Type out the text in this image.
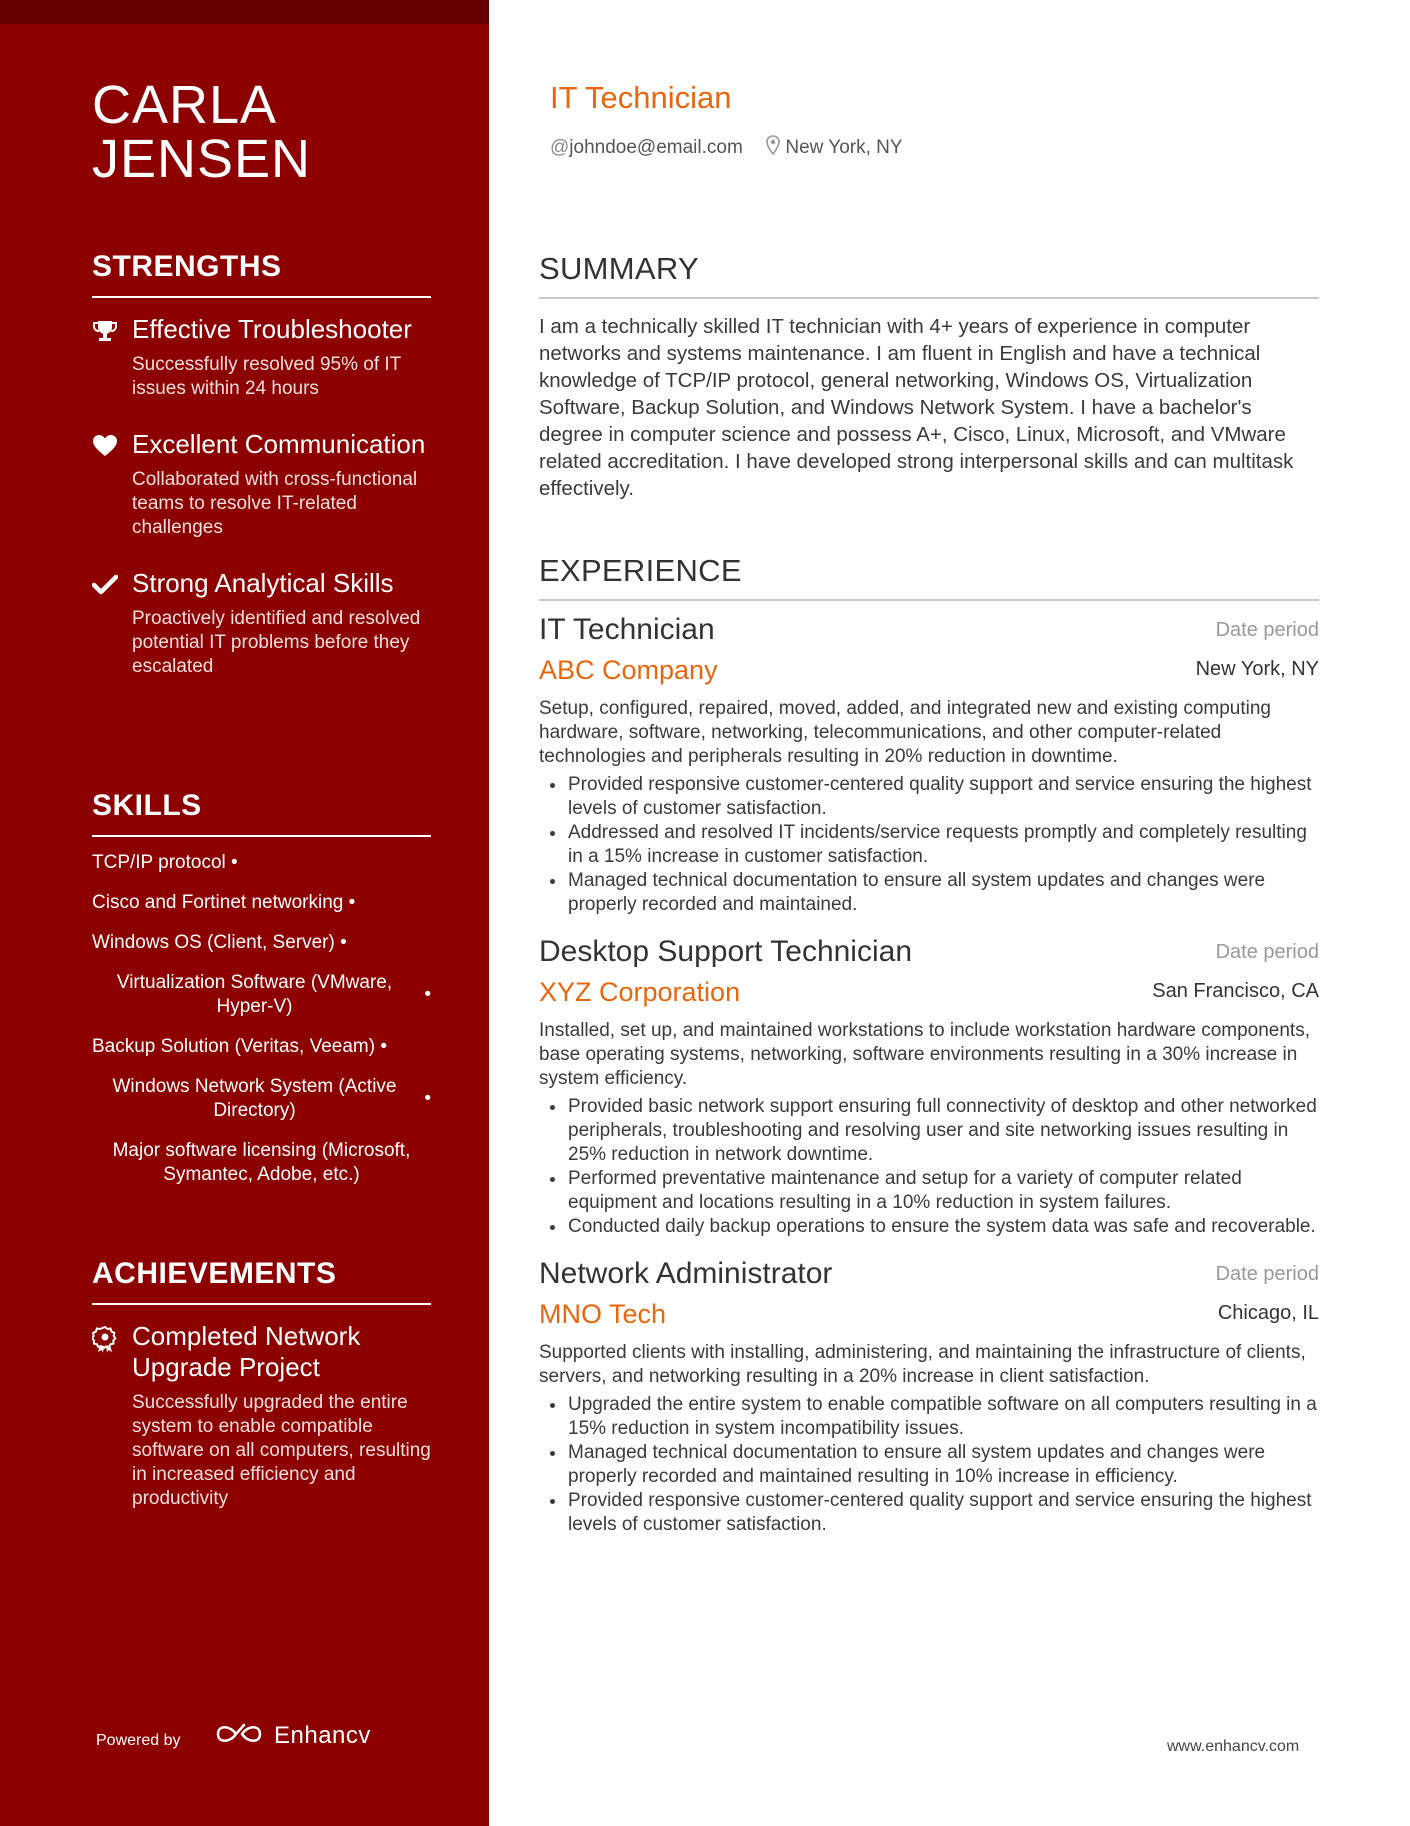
CARLA
JENSEN
STRENGTHS
Effective Troubleshooter
Successfully resolved 95% of IT issues within 24 hours
Excellent Communication
Collaborated with cross-functional teams to resolve IT-related challenges
Strong Analytical Skills
Proactively identified and resolved potential IT problems before they escalated
SKILLS
TCP/IP protocol •
Cisco and Fortinet networking •
Windows OS (Client, Server) •
Virtualization Software (VMware, Hyper-V)
•
Backup Solution (Veritas, Veeam) •
Windows Network System (Active Directory)
•
Major software licensing (Microsoft, Symantec, Adobe, etc.)
ACHIEVEMENTS
Completed Network Upgrade Project
Successfully upgraded the entire system to enable compatible software on all computers, resulting in increased efficiency and productivity
Powered by	Enhancv
IT Technician
@johndoe@email.com New York, NY
SUMMARY
I am a technically skilled IT technician with 4+ years of experience in computer networks and systems maintenance. I am fluent in English and have a technical knowledge of TCP/IP protocol, general networking, Windows OS, Virtualization Software, Backup Solution, and Windows Network System. I have a bachelor's degree in computer science and possess A+, Cisco, Linux, Microsoft, and VMware related accreditation. I have developed strong interpersonal skills and can multitask effectively.
EXPERIENCE
IT Technician	Date period
ABC Company	New York, NY
Setup, configured, repaired, moved, added, and integrated new and existing computing hardware, software, networking, telecommunications, and other computer-related technologies and peripherals resulting in 20% reduction in downtime.
• Provided responsive customer-centered quality support and service ensuring the highest levels of customer satisfaction.
• Addressed and resolved IT incidents/service requests promptly and completely resulting in a 15% increase in customer satisfaction.
• Managed technical documentation to ensure all system updates and changes were properly recorded and maintained.
Desktop Support Technician	Date period
XYZ Corporation	San Francisco, CA
Installed, set up, and maintained workstations to include workstation hardware components, base operating systems, networking, software environments resulting in a 30% increase in system efficiency.
• Provided basic network support ensuring full connectivity of desktop and other networked peripherals, troubleshooting and resolving user and site networking issues resulting in 25% reduction in network downtime.
• Performed preventative maintenance and setup for a variety of computer related equipment and locations resulting in a 10% reduction in system failures.
• Conducted daily backup operations to ensure the system data was safe and recoverable.
Network Administrator	Date period
MNO Tech	Chicago, IL
Supported clients with installing, administering, and maintaining the infrastructure of clients, servers, and networking resulting in a 20% increase in client satisfaction.
• Upgraded the entire system to enable compatible software on all computers resulting in a 15% reduction in system incompatibility issues.
• Managed technical documentation to ensure all system updates and changes were properly recorded and maintained resulting in 10% increase in efficiency.
• Provided responsive customer-centered quality support and service ensuring the highest levels of customer satisfaction.
www.enhancv.com
